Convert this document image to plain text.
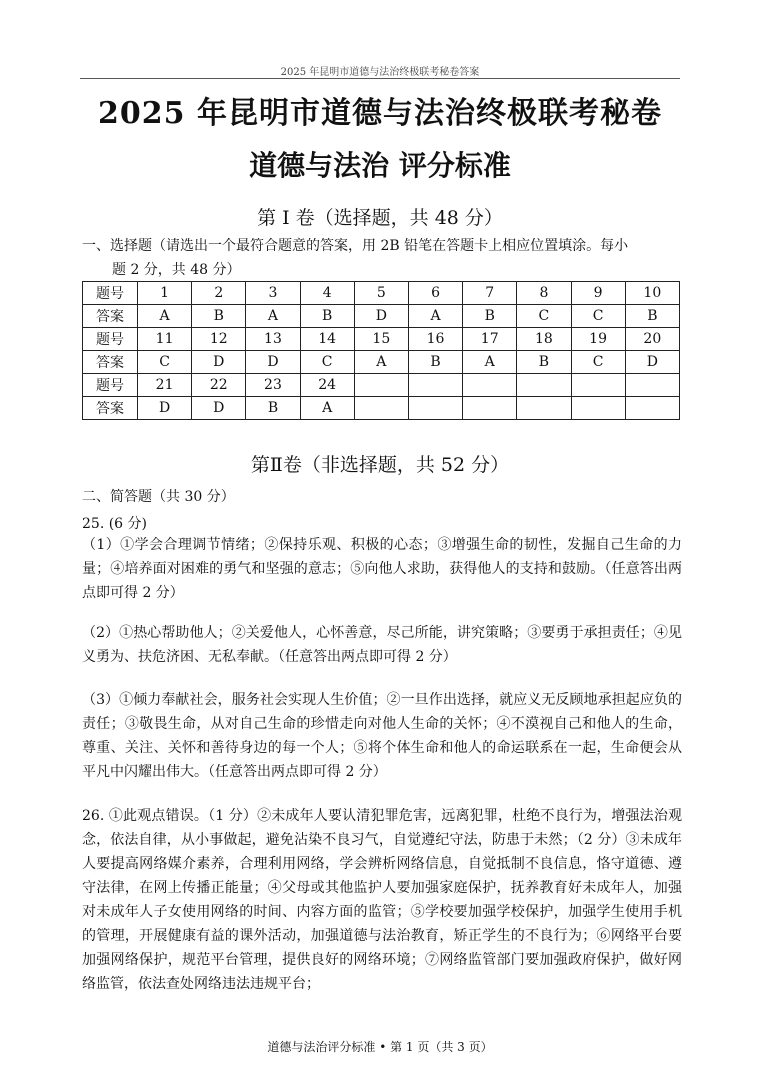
2025 年昆明市道德与法治终极联考秘卷答案
2025 年昆明市道德与法治终极联考秘卷
道德与法治 评分标准
第 I 卷（选择题，共 48 分）
一、选择题（请选出一个最符合题意的答案，用 2B 铅笔在答题卡上相应位置填涂。每小
题 2 分，共 48 分）
题号	1	2	3	4	5	6	7	8	9	10
答案	A	B	A	B	D	A	B	C	C	B
题号	11	12	13	14	15	16	17	18	19	20
答案	C	D	D	C	A	B	A	B	C	D
题号	21	22	23	24						
答案	D	D	B	A						
第Ⅱ卷（非选择题，共 52 分）
二、简答题（共 30 分）
25. (6 分)
（1）①学会合理调节情绪；②保持乐观、积极的心态；③增强生命的韧性，发掘自己生命的力量；④培养面对困难的勇气和坚强的意志；⑤向他人求助，获得他人的支持和鼓励。（任意答出两点即可得 2 分）
（2）①热心帮助他人；②关爱他人，心怀善意，尽己所能，讲究策略；③要勇于承担责任；④见义勇为、扶危济困、无私奉献。（任意答出两点即可得 2 分）
（3）①倾力奉献社会，服务社会实现人生价值；②一旦作出选择，就应义无反顾地承担起应负的责任；③敬畏生命，从对自己生命的珍惜走向对他人生命的关怀；④不漠视自己和他人的生命，尊重、关注、关怀和善待身边的每一个人；⑤将个体生命和他人的命运联系在一起，生命便会从平凡中闪耀出伟大。（任意答出两点即可得 2 分）
26. ①此观点错误。（1 分）②未成年人要认清犯罪危害，远离犯罪，杜绝不良行为，增强法治观念，依法自律，从小事做起，避免沾染不良习气，自觉遵纪守法，防患于未然；（2 分）③未成年人要提高网络媒介素养，合理利用网络，学会辨析网络信息，自觉抵制不良信息，恪守道德、遵守法律，在网上传播正能量；④父母或其他监护人要加强家庭保护，抚养教育好未成年人，加强对未成年人子女使用网络的时间、内容方面的监管；⑤学校要加强学校保护，加强学生使用手机的管理，开展健康有益的课外活动，加强道德与法治教育，矫正学生的不良行为；⑥网络平台要加强网络保护，规范平台管理，提供良好的网络环境；⑦网络监管部门要加强政府保护，做好网络监管，依法查处网络违法违规平台；
道德与法治评分标准 • 第 1 页（共 3 页）
